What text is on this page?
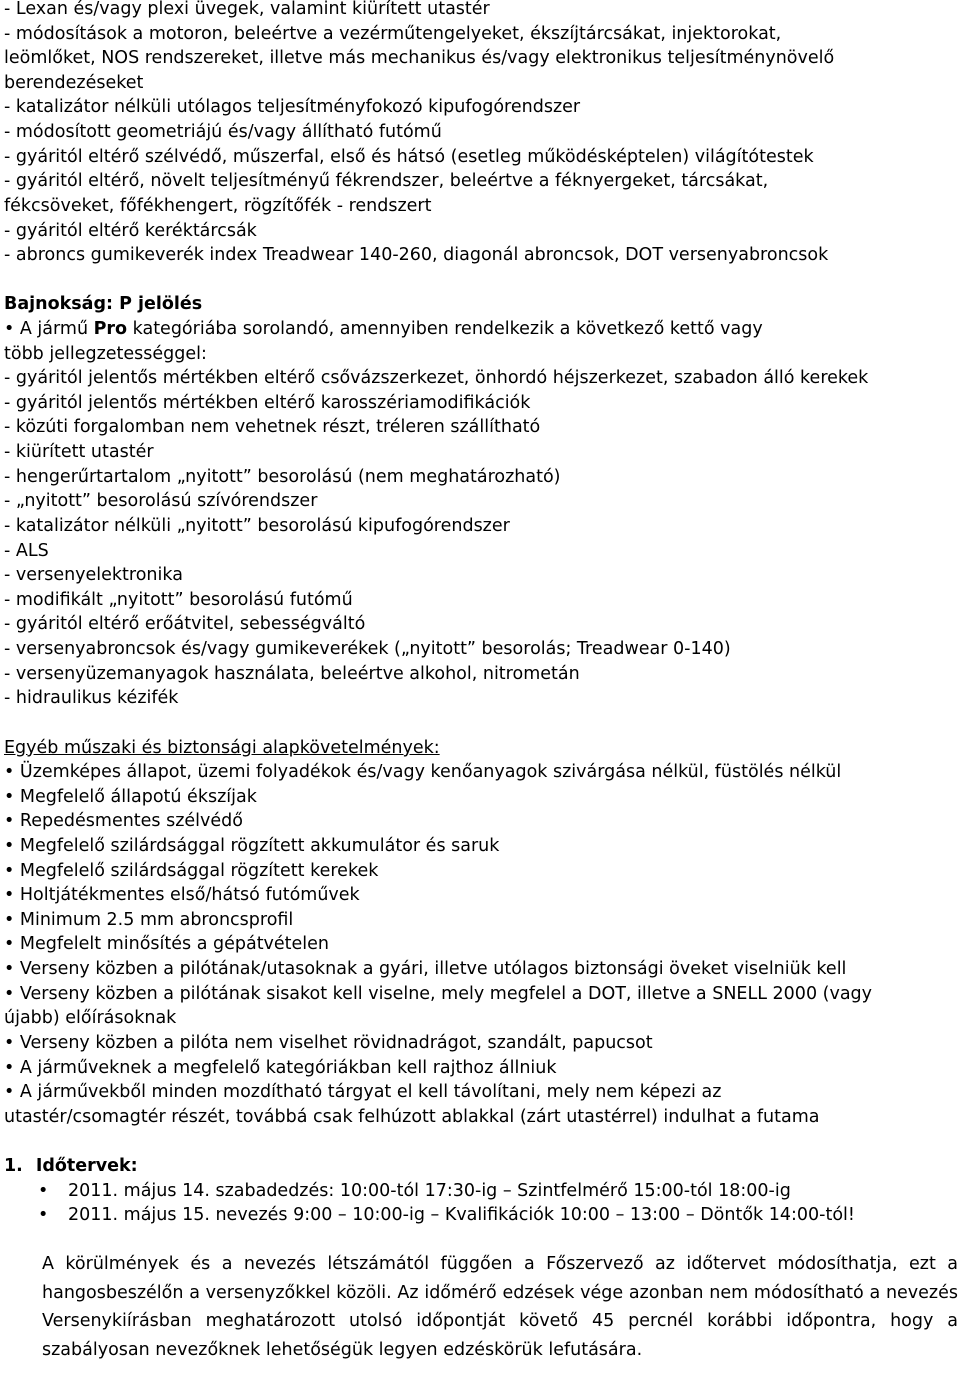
- Lexan és/vagy plexi üvegek, valamint kiürített utastér

- módosítások a motoron, beleértve a vezérműtengelyeket, ékszíjtárcsákat, injektorokat,

leömlőket, NOS rendszereket, illetve más mechanikus és/vagy elektronikus teljesítménynövelő

berendezéseket

- katalizátor nélküli utólagos teljesítményfokozó kipufogórendszer

- módosított geometriájú és/vagy állítható futómű

- gyáritól eltérő szélvédő, műszerfal, első és hátsó (esetleg működésképtelen) világítótestek

- gyáritól eltérő, növelt teljesítményű fékrendszer, beleértve a féknyergeket, tárcsákat,

fékcsöveket, főfékhengert, rögzítőfék - rendszert

- gyáritól eltérő keréktárcsák

- abroncs gumikeverék index Treadwear 140-260, diagonál abroncsok, DOT versenyabroncsok

Bajnokság: P jelölés

• A jármű Pro kategóriába sorolandó, amennyiben rendelkezik a következő kettő vagy

több jellegzetességgel:

- gyáritól jelentős mértékben eltérő csővázszerkezet, önhordó héjszerkezet, szabadon álló kerekek

- gyáritól jelentős mértékben eltérő karosszériamodifikációk

- közúti forgalomban nem vehetnek részt, tréleren szállítható

- kiürített utastér

- hengerűrtartalom „nyitott” besorolású (nem meghatározható)

- „nyitott” besorolású szívórendszer

- katalizátor nélküli „nyitott” besorolású kipufogórendszer

- ALS

- versenyelektronika

- modifikált „nyitott” besorolású futómű

- gyáritól eltérő erőátvitel, sebességváltó

- versenyabroncsok és/vagy gumikeverékek („nyitott” besorolás; Treadwear 0-140)

- versenyüzemanyagok használata, beleértve alkohol, nitrometán

- hidraulikus kézifék

Egyéb műszaki és biztonsági alapkövetelmények:

• Üzemképes állapot, üzemi folyadékok és/vagy kenőanyagok szivárgása nélkül, füstölés nélkül

• Megfelelő állapotú ékszíjak

• Repedésmentes szélvédő

• Megfelelő szilárdsággal rögzített akkumulátor és saruk

• Megfelelő szilárdsággal rögzített kerekek

• Holtjátékmentes első/hátsó futóművek

• Minimum 2.5 mm abroncsprofil

• Megfelelt minősítés a gépátvételen

• Verseny közben a pilótának/utasoknak a gyári, illetve utólagos biztonsági öveket viselniük kell

• Verseny közben a pilótának sisakot kell viselne, mely megfelel a DOT, illetve a SNELL 2000 (vagy

újabb) előírásoknak

• Verseny közben a pilóta nem viselhet rövidnadrágot, szandált, papucsot

• A járműveknek a megfelelő kategóriákban kell rajthoz állniuk

• A járművekből minden mozdítható tárgyat el kell távolítani, mely nem képezi az

utastér/csomagtér részét, továbbá csak felhúzott ablakkal (zárt utastérrel) indulhat a futama

1. Időtervek:

• 2011. május 14. szabadedzés: 10:00-tól 17:30-ig – Szintfelmérő 15:00-tól 18:00-ig

• 2011. május 15. nevezés 9:00 – 10:00-ig – Kvalifikációk 10:00 – 13:00 – Döntők 14:00-tól!

A körülmények és a nevezés létszámától függően a Főszervező az időtervet módosíthatja, ezt a hangosbeszélőn a versenyzőkkel közöli. Az időmérő edzések vége azonban nem módosítható a nevezés Versenykiírásban meghatározott utolsó időpontját követő 45 percnél korábbi időpontra, hogy a szabályosan nevezőknek lehetőségük legyen edzéskörük lefutására.
